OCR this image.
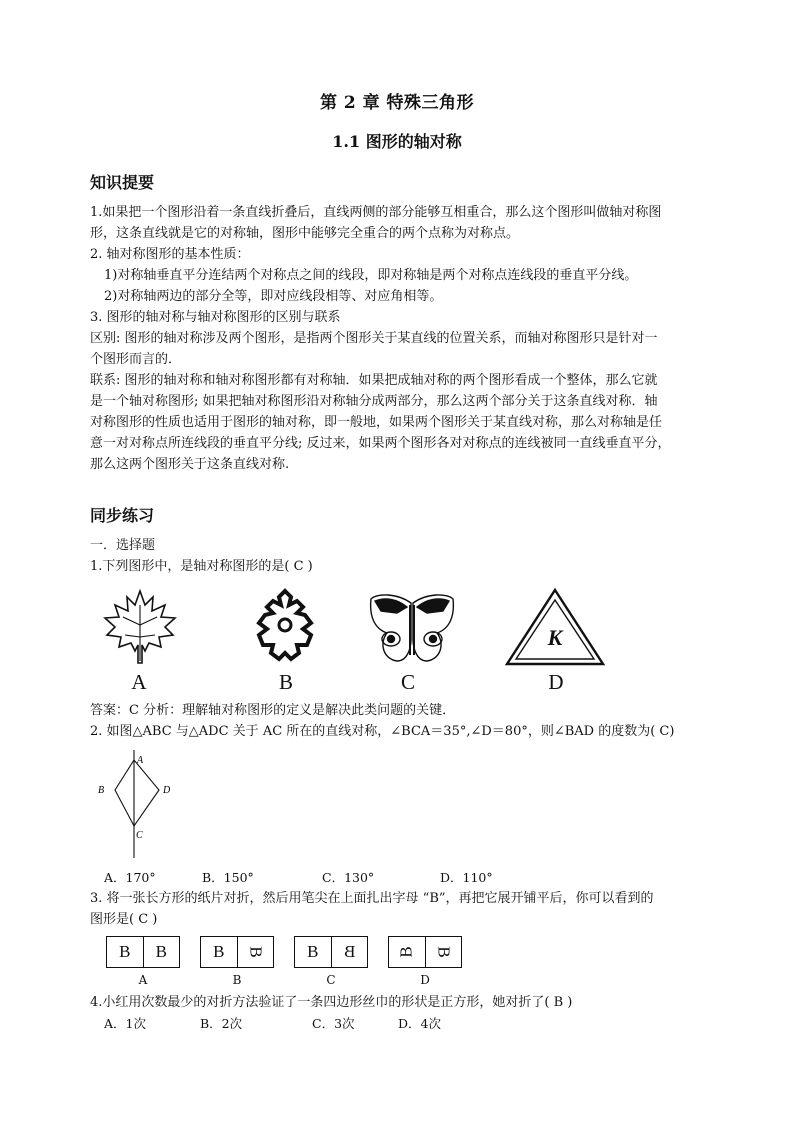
第 2 章 特殊三角形
1.1 图形的轴对称
知识提要

1.如果把一个图形沿着一条直线折叠后，直线两侧的部分能够互相重合，那么这个图形叫做轴对称图

形，这条直线就是它的对称轴，图形中能够完全重合的两个点称为对称点。

2. 轴对称图形的基本性质：

1)对称轴垂直平分连结两个对称点之间的线段，即对称轴是两个对称点连线段的垂直平分线。

2)对称轴两边的部分全等，即对应线段相等、对应角相等。

3. 图形的轴对称与轴对称图形的区别与联系

区别: 图形的轴对称涉及两个图形，是指两个图形关于某直线的位置关系，而轴对称图形只是针对一

个图形而言的．

联系: 图形的轴对称和轴对称图形都有对称轴．如果把成轴对称的两个图形看成一个整体，那么它就

是一个轴对称图形; 如果把轴对称图形沿对称轴分成两部分，那么这两个部分关于这条直线对称．轴

对称图形的性质也适用于图形的轴对称，即一般地，如果两个图形关于某直线对称，那么对称轴是任

意一对对称点所连线段的垂直平分线; 反过来，如果两个图形各对对称点的连线被同一直线垂直平分，

那么这两个图形关于这条直线对称.

同步练习

一．选择题

1.下列图形中，是轴对称图形的是( C )

K
A	B	C	D

答案：C 分析：理解轴对称图形的定义是解决此类问题的关键．

2. 如图△ABC 与△ADC 关于 AC 所在的直线对称，∠BCA＝35°,∠D＝80°，则∠BAD 的度数为( C)

A
B
C
D
A．170°	B．150°	C．130°	D．110°

3. 将一张长方形的纸片对折，然后用笔尖在上面扎出字母 “B”，再把它展开铺平后，你可以看到的

图形是( C )

B B	B B B B B B
A	B	C	D

4.小红用次数最少的对折方法验证了一条四边形丝巾的形状是正方形，她对折了( B )

A．1次	B．2次	C．3次	D．4次
